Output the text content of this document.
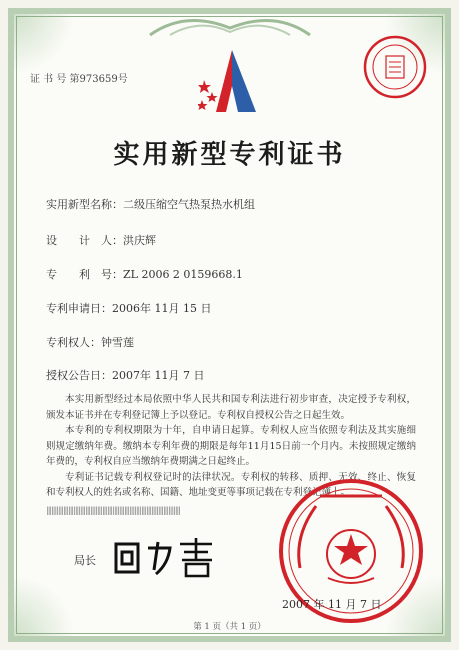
证 书 号 第973659号
实用新型专利证书
实用新型名称：二级压缩空气热泵热水机组
设　　计　人：洪庆辉
专　　利　号：ZL 2006 2 0159668.1
专利申请日：2006年 11月 15 日
专利权人：钟雪莲
授权公告日：2007年 11月 7 日

本实用新型经过本局依照中华人民共和国专利法进行初步审查，决定授予专利权，颁发本证书并在专利登记簿上予以登记。专利权自授权公告之日起生效。

本专利的专利权期限为十年，自申请日起算。专利权人应当依照专利法及其实施细则规定缴纳年费。缴纳本专利年费的期限是每年11月15日前一个月内。未按照规定缴纳年费的，专利权自应当缴纳年费期满之日起终止。

专利证书记载专利权登记时的法律状况。专利权的转移、质押、无效、终止、恢复和专利权人的姓名或名称、国籍、地址变更等事项记载在专利登记簿上。

|||||||||||||||||||||||||||||||||||||||||||||||||||||||||||||||||||||||||||||||
局长
2007 年 11 月 7 日
第 1 页（共 1 页）
